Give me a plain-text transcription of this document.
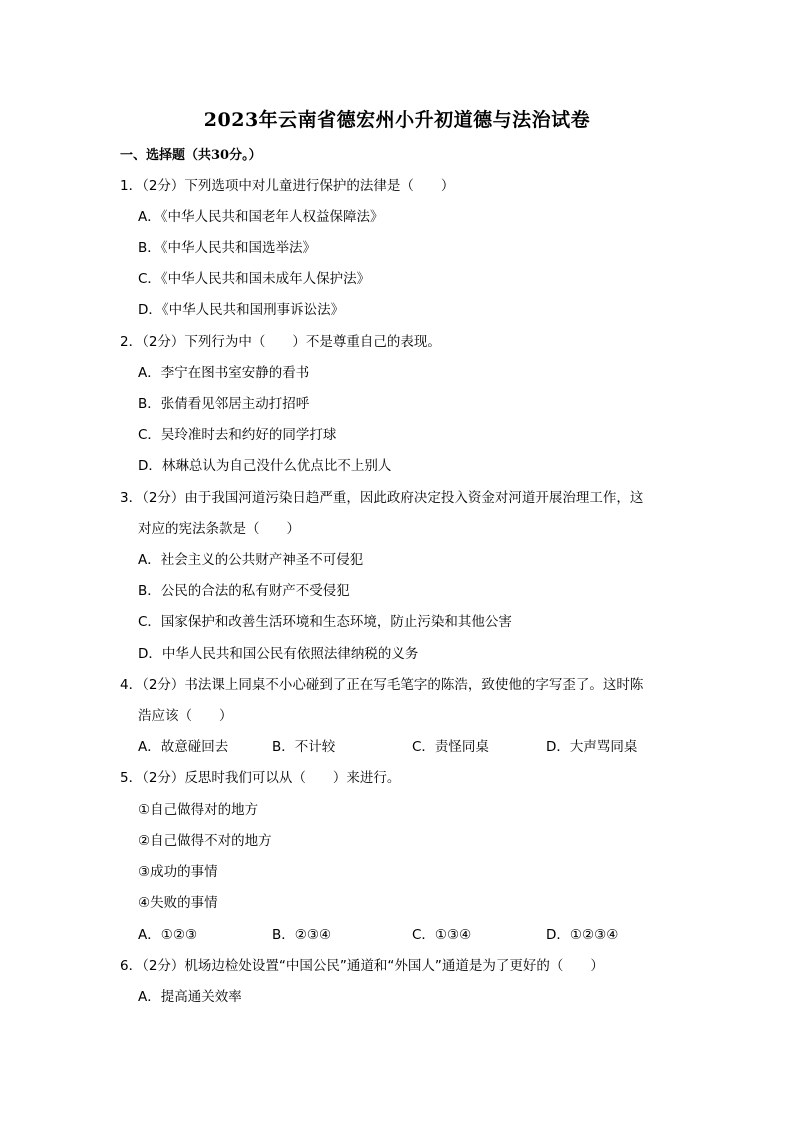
2023年云南省德宏州小升初道德与法治试卷
一、选择题（共30分。）
1．（2分）下列选项中对儿童进行保护的法律是（　　）
A．《中华人民共和国老年人权益保障法》
B．《中华人民共和国选举法》
C．《中华人民共和国未成年人保护法》
D．《中华人民共和国刑事诉讼法》
2．（2分）下列行为中（　　）不是尊重自己的表现。
A．李宁在图书室安静的看书
B．张倩看见邻居主动打招呼
C．吴玲准时去和约好的同学打球
D．林琳总认为自己没什么优点比不上别人
3．（2分）由于我国河道污染日趋严重，因此政府决定投入资金对河道开展治理工作，这
对应的宪法条款是（　　）
A．社会主义的公共财产神圣不可侵犯
B．公民的合法的私有财产不受侵犯
C．国家保护和改善生活环境和生态环境，防止污染和其他公害
D．中华人民共和国公民有依照法律纳税的义务
4．（2分）书法课上同桌不小心碰到了正在写毛笔字的陈浩，致使他的字写歪了。这时陈
浩应该（　　）
A．故意碰回去	B．不计较	C．责怪同桌	D．大声骂同桌
5．（2分）反思时我们可以从（　　）来进行。
①自己做得对的地方
②自己做得不对的地方
③成功的事情
④失败的事情
A．①②③	B．②③④	C．①③④	D．①②③④
6．（2分）机场边检处设置“中国公民”通道和“外国人”通道是为了更好的（　　）
A．提高通关效率
